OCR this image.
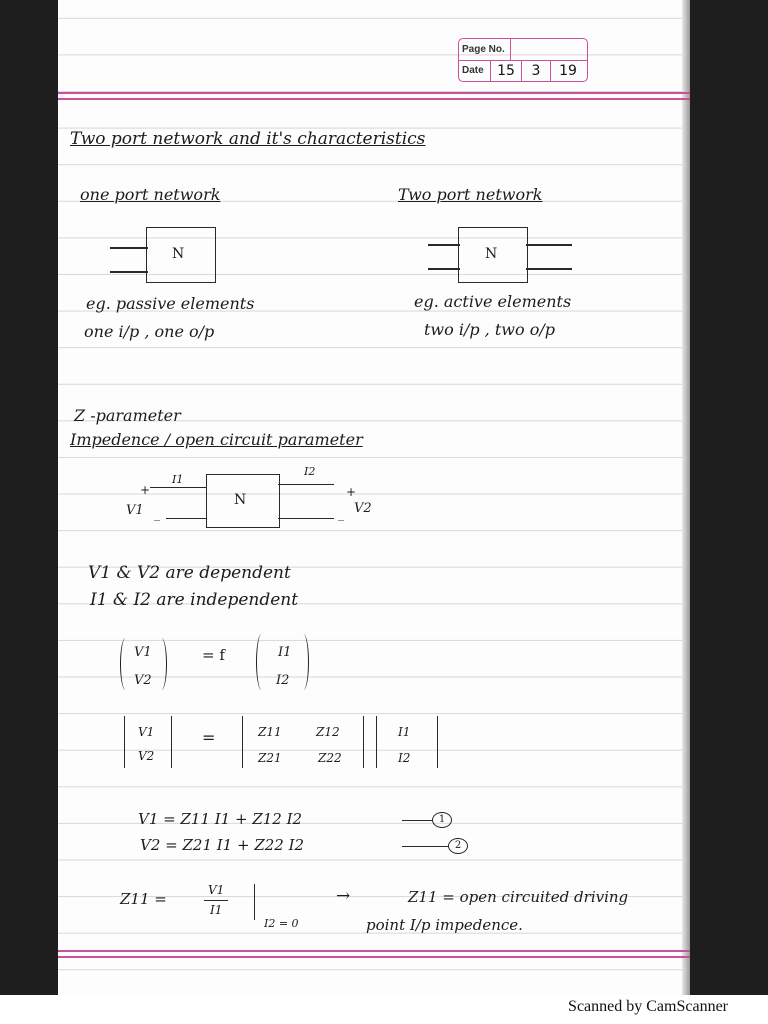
Page No.
Date 15	3	19
Two port network and it's characteristics
one port network
N
eg. passive elements
one i/p , one o/p
Two port network
N
eg. active elements
two i/p , two o/p
Z -parameter
Impedence / open circuit parameter
N
+
I1
V1 _
I2
+
V2
_
V1 & V2 are dependent
I1 & I2 are independent
V1
V2
= f	I1
I2
V1
V2
=	Z11	Z12
Z21	Z22
I1
I2
V1 = Z11 I1 + Z12 I2	1
V2 = Z21 I1 + Z22 I2	2
Z11 =	V1
I1
I2 = 0
→	Z11 = open circuited driving
point I/p impedence.
Scanned by CamScanner
